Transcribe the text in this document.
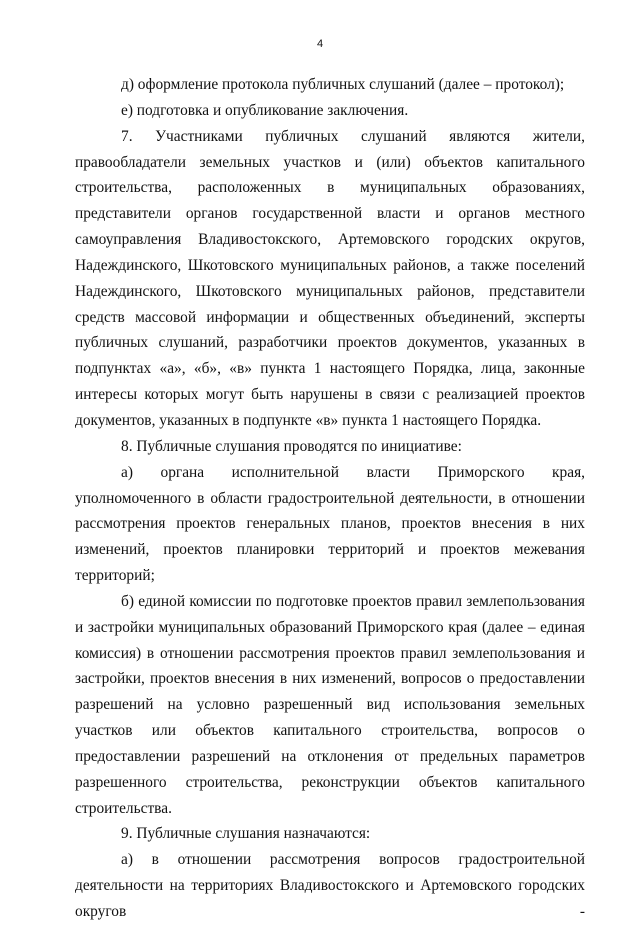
4

д) оформление протокола публичных слушаний (далее – протокол);

е) подготовка и опубликование заключения.

7. Участниками публичных слушаний являются жители, правообладатели земельных участков и (или) объектов капитального строительства, расположенных в муниципальных образованиях, представители органов государственной власти и органов местного самоуправления Владивостокского, Артемовского городских округов, Надеждинского, Шкотовского муниципальных районов, а также поселений Надеждинского, Шкотовского муниципальных районов, представители средств массовой информации и общественных объединений, эксперты публичных слушаний, разработчики проектов документов, указанных в подпунктах «а», «б», «в» пункта 1 настоящего Порядка, лица, законные интересы которых могут быть нарушены в связи с реализацией проектов документов, указанных в подпункте «в» пункта 1 настоящего Порядка.

8. Публичные слушания проводятся по инициативе:

а) органа исполнительной власти Приморского края, уполномоченного в области градостроительной деятельности, в отношении рассмотрения проектов генеральных планов, проектов внесения в них изменений, проектов планировки территорий и проектов межевания территорий;

б) единой комиссии по подготовке проектов правил землепользования и застройки муниципальных образований Приморского края (далее – единая комиссия) в отношении рассмотрения проектов правил землепользования и застройки, проектов внесения в них изменений, вопросов о предоставлении разрешений на условно разрешенный вид использования земельных участков или объектов капитального строительства, вопросов о предоставлении разрешений на отклонения от предельных параметров разрешенного строительства, реконструкции объектов капитального строительства.

9. Публичные слушания назначаются:

а) в отношении рассмотрения вопросов градостроительной деятельности на территориях Владивостокского и Артемовского городских округов -
